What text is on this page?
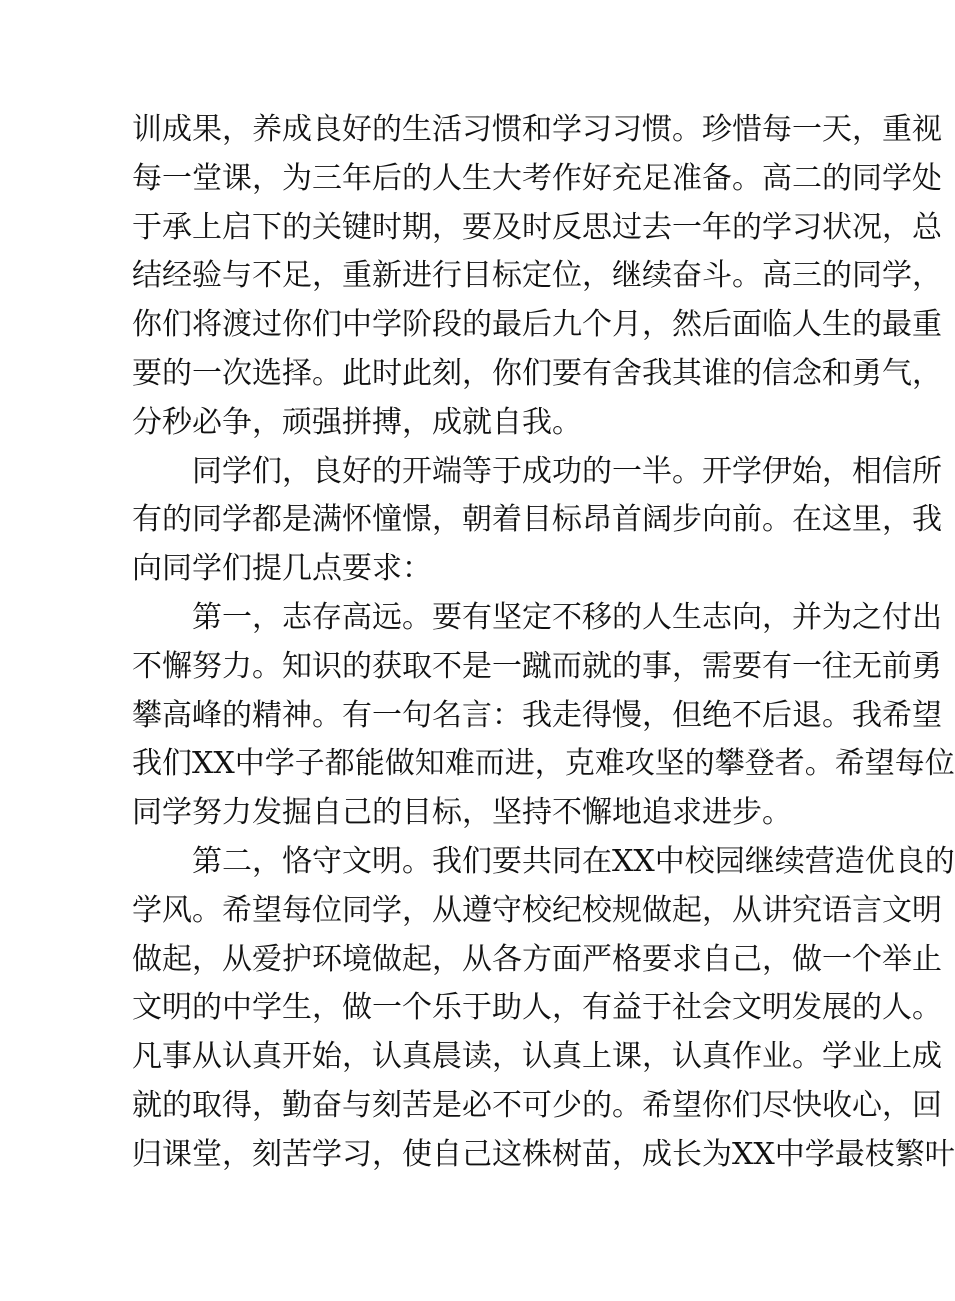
训成果，养成良好的生活习惯和学习习惯。珍惜每一天，重视
每一堂课，为三年后的人生大考作好充足准备。高二的同学处
于承上启下的关键时期，要及时反思过去一年的学习状况，总
结经验与不足，重新进行目标定位，继续奋斗。高三的同学，
你们将渡过你们中学阶段的最后九个月，然后面临人生的最重
要的一次选择。此时此刻，你们要有舍我其谁的信念和勇气，
分秒必争，顽强拼搏，成就自我。
同学们，良好的开端等于成功的一半。开学伊始，相信所
有的同学都是满怀憧憬，朝着目标昂首阔步向前。在这里，我
向同学们提几点要求：
第一，志存高远。要有坚定不移的人生志向，并为之付出
不懈努力。知识的获取不是一蹴而就的事，需要有一往无前勇
攀高峰的精神。有一句名言：我走得慢，但绝不后退。我希望
我们XX中学子都能做知难而进，克难攻坚的攀登者。希望每位
同学努力发掘自己的目标，坚持不懈地追求进步。
第二，恪守文明。我们要共同在XX中校园继续营造优良的
学风。希望每位同学，从遵守校纪校规做起，从讲究语言文明
做起，从爱护环境做起，从各方面严格要求自己，做一个举止
文明的中学生，做一个乐于助人，有益于社会文明发展的人。
凡事从认真开始，认真晨读，认真上课，认真作业。学业上成
就的取得，勤奋与刻苦是必不可少的。希望你们尽快收心，回
归课堂，刻苦学习，使自己这株树苗，成长为XX中学最枝繁叶
